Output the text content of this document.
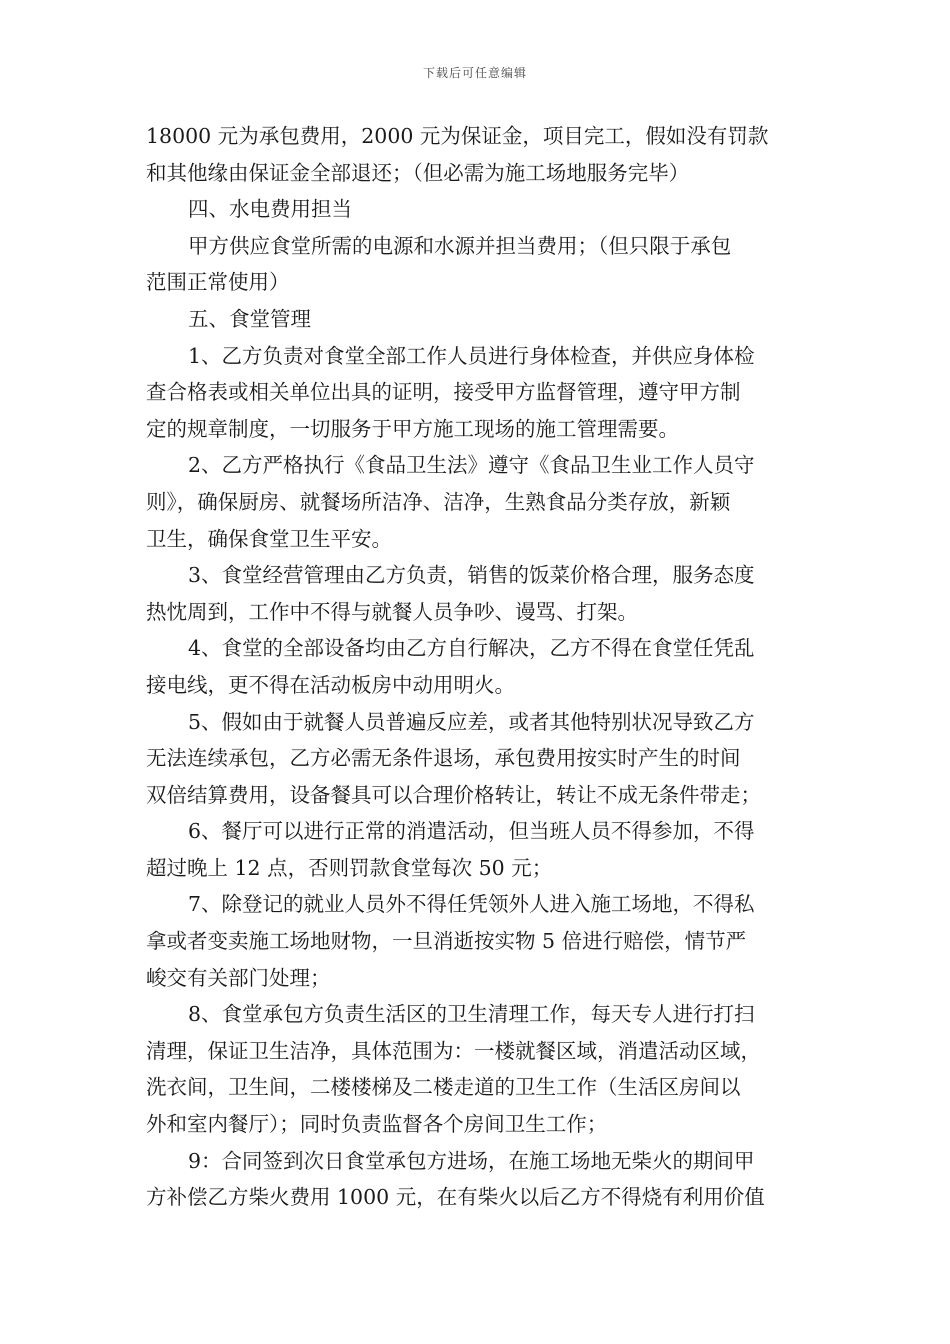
下载后可任意编辑
18000 元为承包费用，2000 元为保证金，项目完工，假如没有罚款
和其他缘由保证金全部退还；（但必需为施工场地服务完毕）
四、水电费用担当
甲方供应食堂所需的电源和水源并担当费用；（但只限于承包
范围正常使用）
五、食堂管理
1、乙方负责对食堂全部工作人员进行身体检查，并供应身体检
查合格表或相关单位出具的证明，接受甲方监督管理，遵守甲方制
定的规章制度，一切服务于甲方施工现场的施工管理需要。
2、乙方严格执行《食品卫生法》遵守《食品卫生业工作人员守
则》，确保厨房、就餐场所洁净、洁净，生熟食品分类存放，新颖
卫生，确保食堂卫生平安。
3、食堂经营管理由乙方负责，销售的饭菜价格合理，服务态度
热忱周到，工作中不得与就餐人员争吵、谩骂、打架。
4、食堂的全部设备均由乙方自行解决，乙方不得在食堂任凭乱
接电线，更不得在活动板房中动用明火。
5、假如由于就餐人员普遍反应差，或者其他特别状况导致乙方
无法连续承包，乙方必需无条件退场，承包费用按实时产生的时间
双倍结算费用，设备餐具可以合理价格转让，转让不成无条件带走；
6、餐厅可以进行正常的消遣活动，但当班人员不得参加，不得
超过晚上 12 点，否则罚款食堂每次 50 元；
7、除登记的就业人员外不得任凭领外人进入施工场地，不得私
拿或者变卖施工场地财物，一旦消逝按实物 5 倍进行赔偿，情节严
峻交有关部门处理；
8、食堂承包方负责生活区的卫生清理工作，每天专人进行打扫
清理，保证卫生洁净，具体范围为：一楼就餐区域，消遣活动区域，
洗衣间，卫生间，二楼楼梯及二楼走道的卫生工作（生活区房间以
外和室内餐厅）；同时负责监督各个房间卫生工作；
9：合同签到次日食堂承包方进场，在施工场地无柴火的期间甲
方补偿乙方柴火费用 1000 元，在有柴火以后乙方不得烧有利用价值
